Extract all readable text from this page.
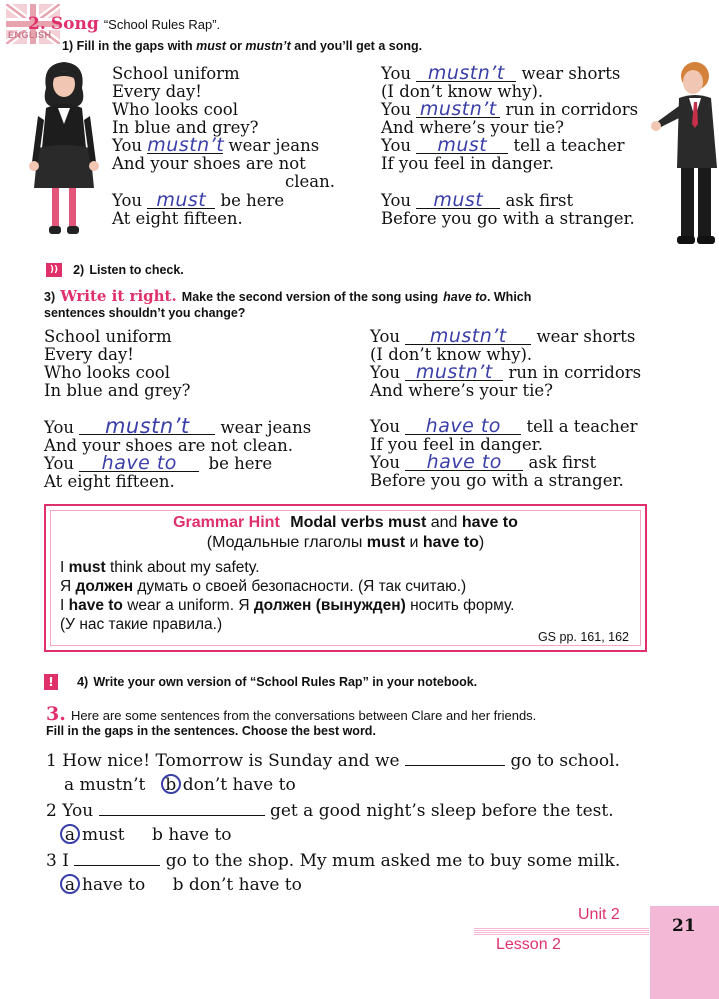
ENGLISH
2. Song “School Rules Rap”.
1) Fill in the gaps with must or mustn’t and you’ll get a song.
School uniform
Every day!
Who looks cool
In blue and grey?
You mustn’t wear jeans
And your shoes are not
clean.
You must be here
At eight fifteen.
You mustn’t wear shorts
(I don’t know why).
You mustn’t run in corridors
And where’s your tie?
You must tell a teacher
If you feel in danger.
You must ask first
Before you go with a stranger.
)) 2) Listen to check.
3) Write it right. Make the second version of the song using have to. Which
sentences shouldn’t you change?
School uniform
Every day!
Who looks cool
In blue and grey?
You mustn’t wear jeans
And your shoes are not clean.
You have to be here
At eight fifteen.
You mustn’t wear shorts
(I don’t know why).
You mustn’t run in corridors
And where’s your tie?
You have to tell a teacher
If you feel in danger.
You have to ask first
Before you go with a stranger.
Grammar Hint Modal verbs must and have to
(Модальные глаголы must и have to)
I must think about my safety.
Я должен думать о своей безопасности. (Я так считаю.)
I have to wear a uniform. Я должен (вынужден) носить форму.
(У нас такие правила.)
GS pp. 161, 162
! 4) Write your own version of “School Rules Rap” in your notebook.
3. Here are some sentences from the conversations between Clare and her friends.
Fill in the gaps in the sentences. Choose the best word.
1 How nice! Tomorrow is Sunday and we	go to school.
a mustn’t b don’t have to
2 You	get a good night’s sleep before the test.
a must b have to
3 I	go to the shop. My mum asked me to buy some milk.
a have to b don’t have to
Unit 2
Lesson 2
21
